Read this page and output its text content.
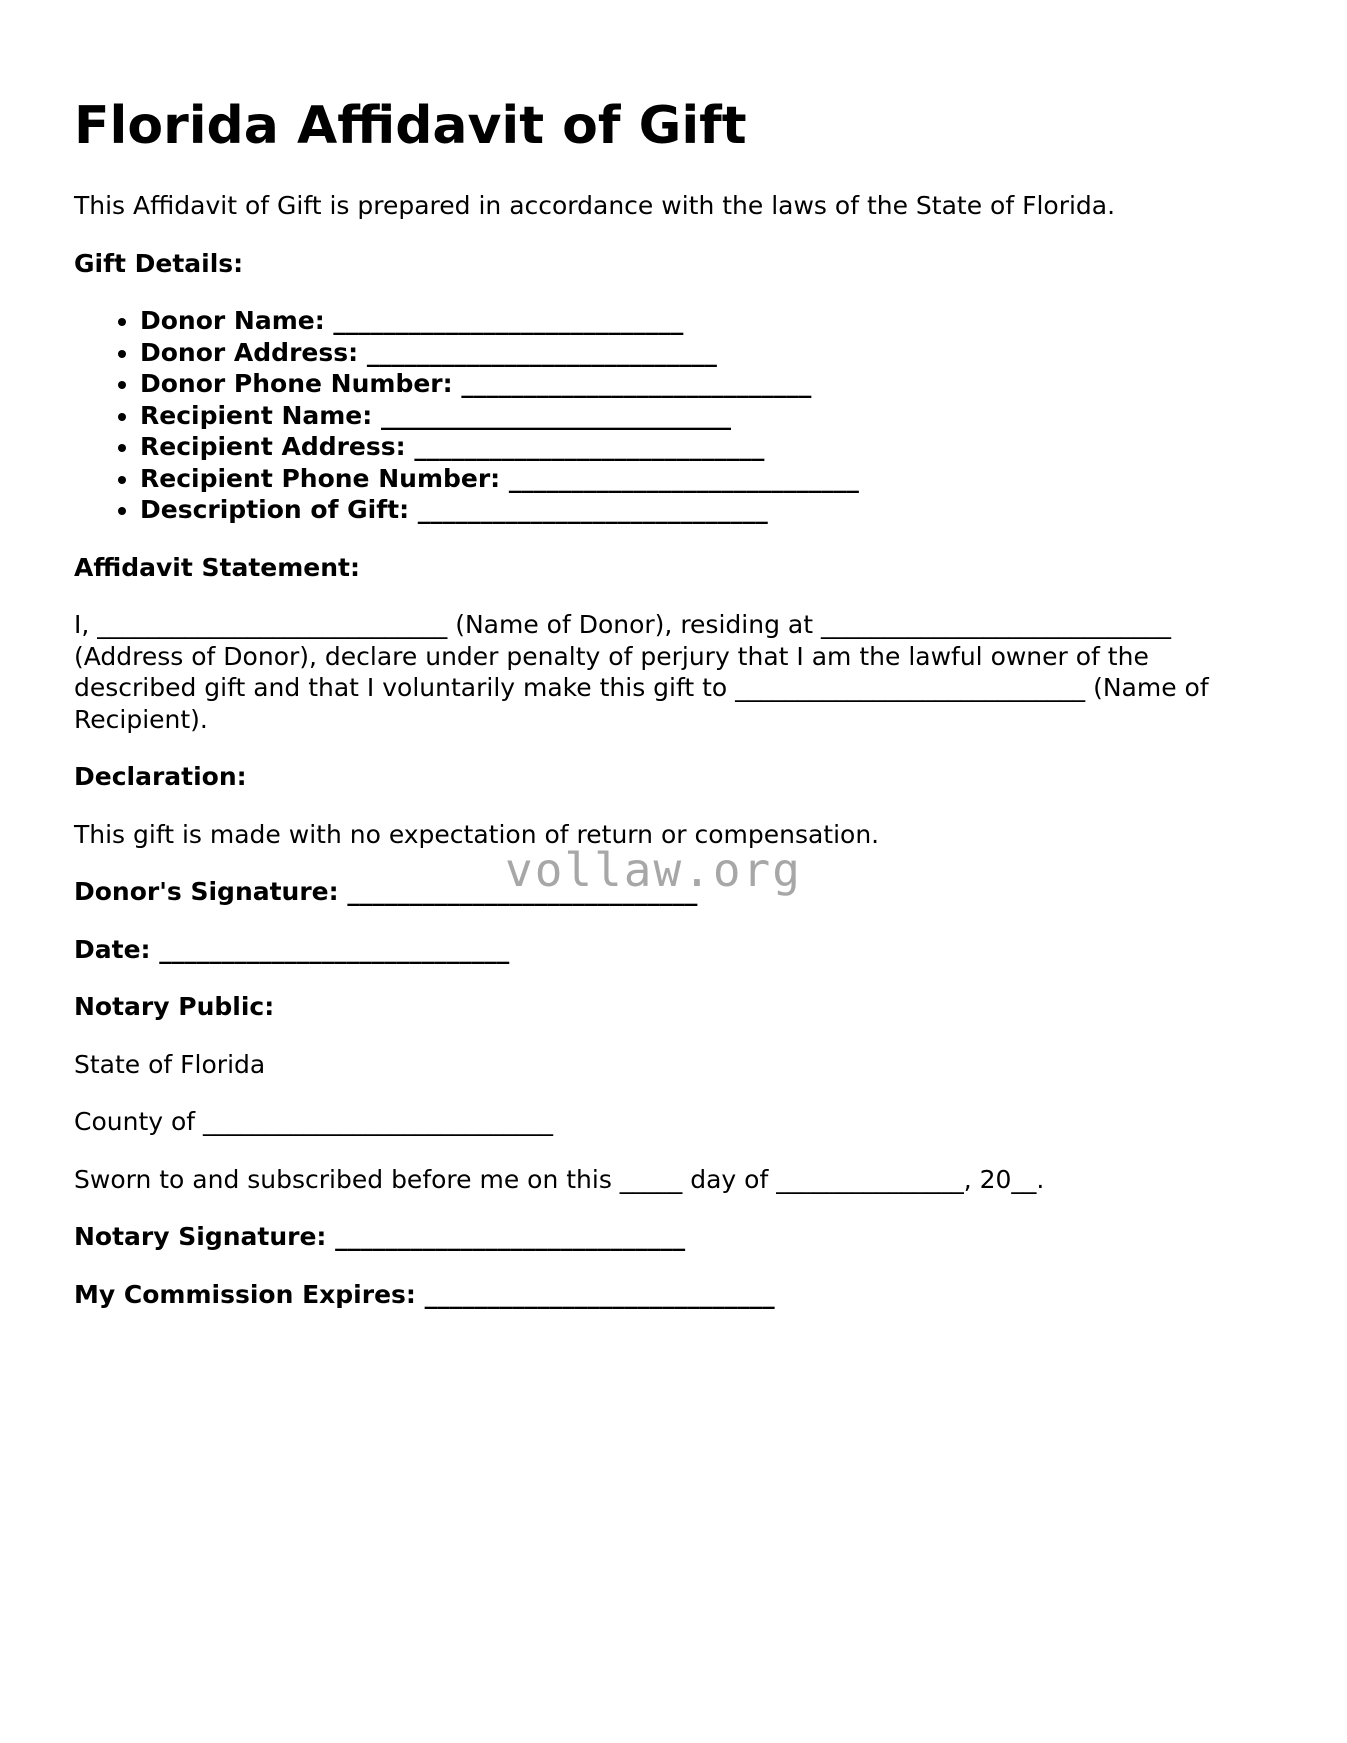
Florida Affidavit of Gift

This Affidavit of Gift is prepared in accordance with the laws of the State of Florida.

Gift Details:

• Donor Name: ____________________________
• Donor Address: ____________________________
• Donor Phone Number: ____________________________
• Recipient Name: ____________________________
• Recipient Address: ____________________________
• Recipient Phone Number: ____________________________
• Description of Gift: ____________________________

Affidavit Statement:

I, ____________________________ (Name of Donor), residing at ____________________________ (Address of Donor), declare under penalty of perjury that I am the lawful owner of the described gift and that I voluntarily make this gift to ____________________________ (Name of Recipient).

Declaration:

This gift is made with no expectation of return or compensation.

Donor's Signature: ____________________________

Date: ____________________________

Notary Public:

State of Florida

County of ____________________________

Sworn to and subscribed before me on this _____ day of _______________, 20__.

Notary Signature: ____________________________

My Commission Expires: ____________________________

vollaw.org
